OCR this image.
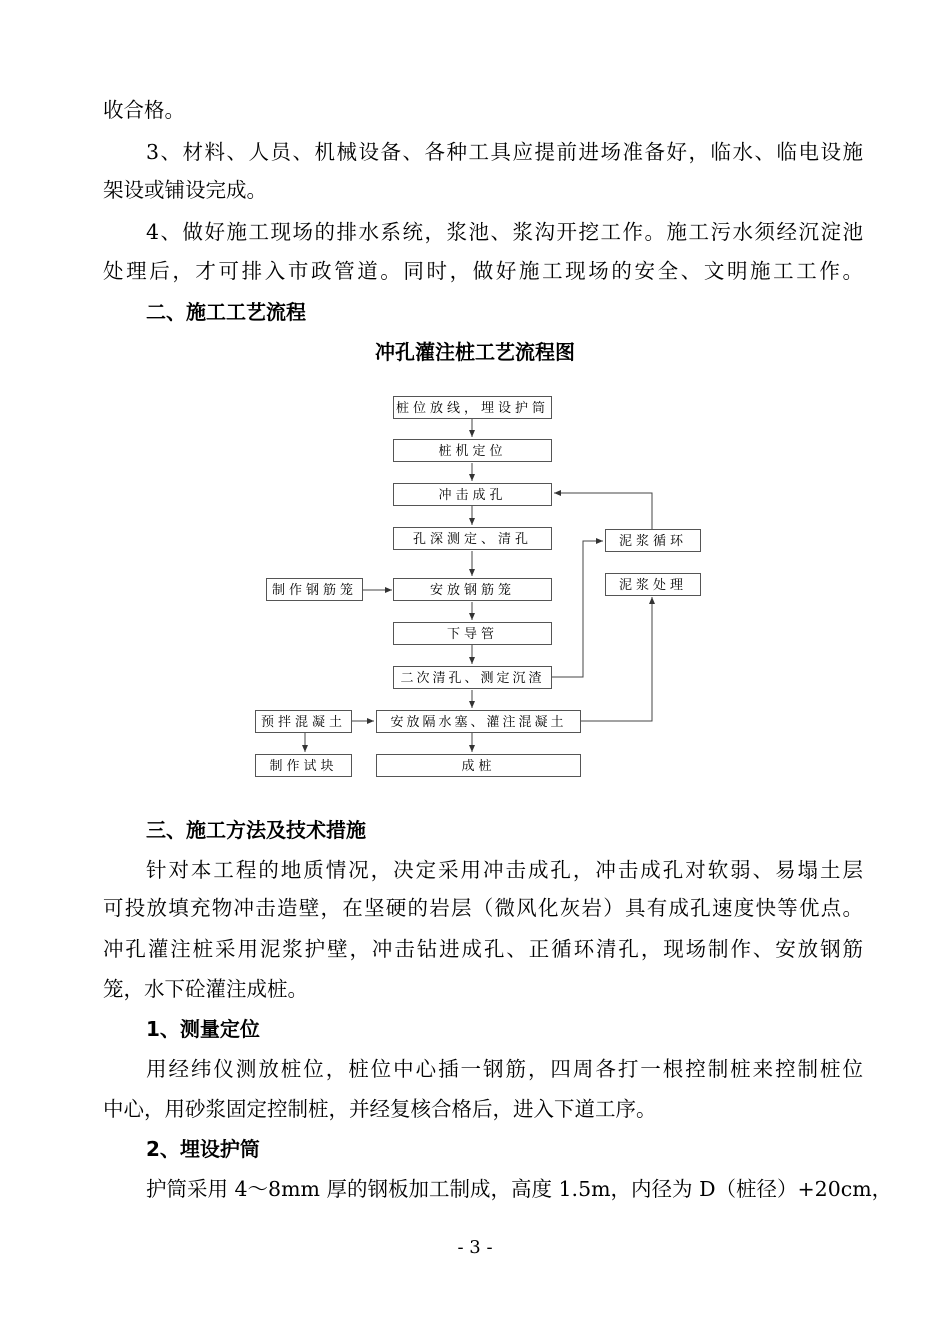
收合格。
3、材料、人员、机械设备、各种工具应提前进场准备好，临水、临电设施
架设或铺设完成。
4、做好施工现场的排水系统，浆池、浆沟开挖工作。施工污水须经沉淀池
处理后，才可排入市政管道。同时，做好施工现场的安全、文明施工工作。
二、施工工艺流程
冲孔灌注桩工艺流程图
桩位放线，埋设护筒
桩机定位
冲击成孔
孔深测定、清孔
安放钢筋笼
下导管
二次清孔、测定沉渣
安放隔水塞、灌注混凝土
成桩
制作钢筋笼
预拌混凝土
制作试块
泥浆循环
泥浆处理
三、施工方法及技术措施
针对本工程的地质情况，决定采用冲击成孔，冲击成孔对软弱、易塌土层
可投放填充物冲击造壁，在坚硬的岩层（微风化灰岩）具有成孔速度快等优点。
冲孔灌注桩采用泥浆护壁，冲击钻进成孔、正循环清孔，现场制作、安放钢筋
笼，水下砼灌注成桩。
1、测量定位
用经纬仪测放桩位，桩位中心插一钢筋，四周各打一根控制桩来控制桩位
中心，用砂浆固定控制桩，并经复核合格后，进入下道工序。
2、埋设护筒
护筒采用 4～8mm 厚的钢板加工制成，高度 1.5m，内径为 D（桩径）+20cm，
- 3 -
